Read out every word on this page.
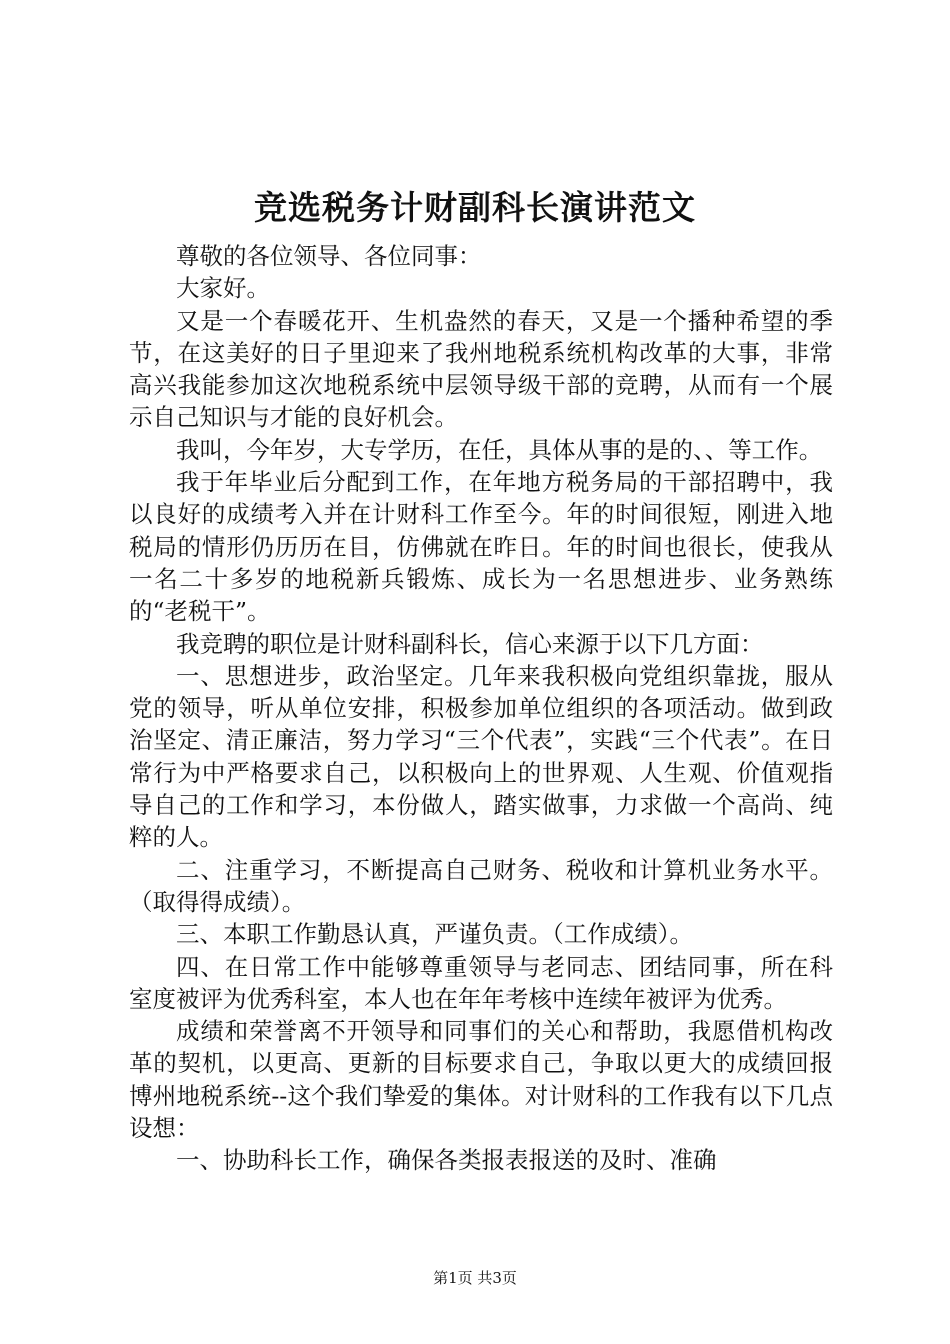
竞选税务计财副科长演讲范文

尊敬的各位领导、各位同事：

大家好。

又是一个春暖花开、生机盎然的春天，又是一个播种希望的季节，在这美好的日子里迎来了我州地税系统机构改革的大事，非常高兴我能参加这次地税系统中层领导级干部的竞聘，从而有一个展示自己知识与才能的良好机会。

我叫，今年岁，大专学历，在任，具体从事的是的、、等工作。

我于年毕业后分配到工作，在年地方税务局的干部招聘中，我以良好的成绩考入并在计财科工作至今。年的时间很短，刚进入地税局的情形仍历历在目，仿佛就在昨日。年的时间也很长，使我从一名二十多岁的地税新兵锻炼、成长为一名思想进步、业务熟练的“老税干”。

我竞聘的职位是计财科副科长，信心来源于以下几方面：

一、思想进步，政治坚定。几年来我积极向党组织靠拢，服从党的领导，听从单位安排，积极参加单位组织的各项活动。做到政治坚定、清正廉洁，努力学习“三个代表”，实践“三个代表”。在日常行为中严格要求自己，以积极向上的世界观、人生观、价值观指导自己的工作和学习，本份做人，踏实做事，力求做一个高尚、纯粹的人。

二、注重学习，不断提高自己财务、税收和计算机业务水平。（取得得成绩）。

三、本职工作勤恳认真，严谨负责。（工作成绩）。

四、在日常工作中能够尊重领导与老同志、团结同事，所在科室度被评为优秀科室，本人也在年年考核中连续年被评为优秀。

成绩和荣誉离不开领导和同事们的关心和帮助，我愿借机构改革的契机，以更高、更新的目标要求自己，争取以更大的成绩回报博州地税系统--这个我们挚爱的集体。对计财科的工作我有以下几点设想：

一、协助科长工作，确保各类报表报送的及时、准确

第1页 共3页
